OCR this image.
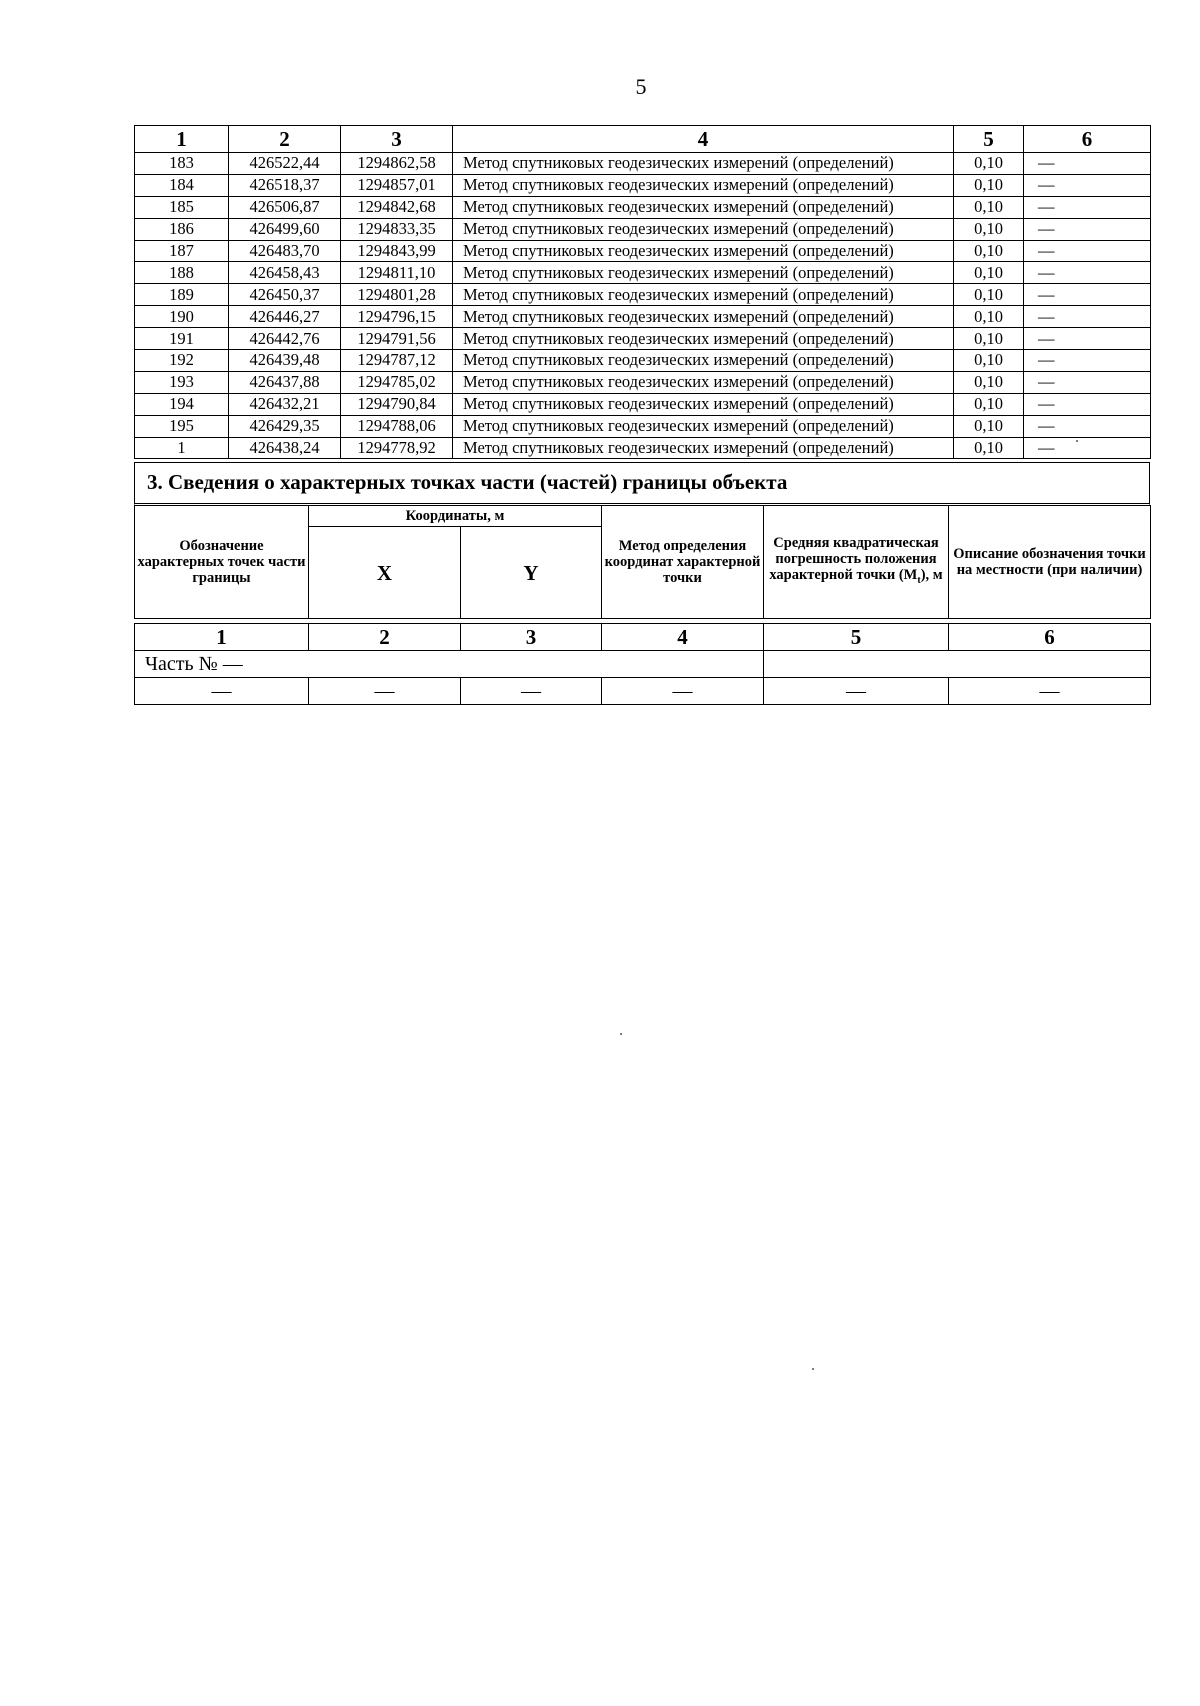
5
1	2	3	4	5	6
183	426522,44	1294862,58	Метод спутниковых геодезических измерений (определений)	0,10	—
184	426518,37	1294857,01	Метод спутниковых геодезических измерений (определений)	0,10	—
185	426506,87	1294842,68	Метод спутниковых геодезических измерений (определений)	0,10	—
186	426499,60	1294833,35	Метод спутниковых геодезических измерений (определений)	0,10	—
187	426483,70	1294843,99	Метод спутниковых геодезических измерений (определений)	0,10	—
188	426458,43	1294811,10	Метод спутниковых геодезических измерений (определений)	0,10	—
189	426450,37	1294801,28	Метод спутниковых геодезических измерений (определений)	0,10	—
190	426446,27	1294796,15	Метод спутниковых геодезических измерений (определений)	0,10	—
191	426442,76	1294791,56	Метод спутниковых геодезических измерений (определений)	0,10	—
192	426439,48	1294787,12	Метод спутниковых геодезических измерений (определений)	0,10	—
193	426437,88	1294785,02	Метод спутниковых геодезических измерений (определений)	0,10	—
194	426432,21	1294790,84	Метод спутниковых геодезических измерений (определений)	0,10	—
195	426429,35	1294788,06	Метод спутниковых геодезических измерений (определений)	0,10	—
1	426438,24	1294778,92	Метод спутниковых геодезических измерений (определений)	0,10	—
3. Сведения о характерных точках части (частей) границы объекта
Обозначение характерных точек части границы	Координаты, м		Метод определения координат характерной точки	Средняя квадратическая погрешность положения характерной точки $(М_t)$, м	Описание обозначения точки на местности (при наличии)
	X	Y			

1	2	3	4	5	6
Часть № —					
—	—	—	—	—	—
